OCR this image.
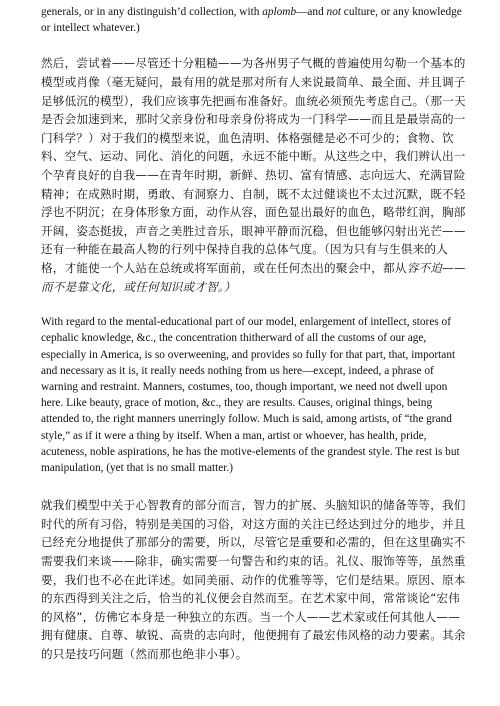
generals, or in any distinguish’d collection, with aplomb—and not culture, or any knowledge or intellect whatever.)

然后，尝试着——尽管还十分粗糙——为各州男子气概的普遍使用勾勒一个基本的模型或肖像（毫无疑问，最有用的就是那对所有人来说最简单、最全面、并且调子足够低沉的模型），我们应该事先把画布准备好。血统必须预先考虑自己。（那一天是否会加速到来，那时父亲身份和母亲身份将成为一门科学——而且是最崇高的一门科学？）对于我们的模型来说，血色清明、体格强健是必不可少的；食物、饮料、空气、运动、同化、消化的问题，永远不能中断。从这些之中，我们辨认出一个孕育良好的自我——在青年时期，新鲜、热切、富有情感、志向远大、充满冒险精神；在成熟时期，勇敢、有洞察力、自制，既不太过健谈也不太过沉默，既不轻浮也不阴沉；在身体形象方面，动作从容，面色显出最好的血色，略带红润，胸部开阔，姿态挺拔，声音之美胜过音乐，眼神平静而沉稳，但也能够闪射出光芒——还有一种能在最高人物的行列中保持自我的总体气度。（因为只有与生俱来的人格，才能使一个人站在总统或将军面前，或在任何杰出的聚会中，都从容不迫——而不是靠文化，或任何知识或才智。）

With regard to the mental-educational part of our model, enlargement of intellect, stores of cephalic knowledge, &c., the concentration thitherward of all the customs of our age, especially in America, is so overweening, and provides so fully for that part, that, important and necessary as it is, it really needs nothing from us here—except, indeed, a phrase of warning and restraint. Manners, costumes, too, though important, we need not dwell upon here. Like beauty, grace of motion, &c., they are results. Causes, original things, being attended to, the right manners unerringly follow. Much is said, among artists, of “the grand style,” as if it were a thing by itself. When a man, artist or whoever, has health, pride, acuteness, noble aspirations, he has the motive-elements of the grandest style. The rest is but manipulation, (yet that is no small matter.)

就我们模型中关于心智教育的部分而言，智力的扩展、头脑知识的储备等等，我们时代的所有习俗，特别是美国的习俗，对这方面的关注已经达到过分的地步，并且已经充分地提供了那部分的需要，所以，尽管它是重要和必需的，但在这里确实不需要我们来谈——除非，确实需要一句警告和约束的话。礼仪、服饰等等，虽然重要，我们也不必在此详述。如同美丽、动作的优雅等等，它们是结果。原因、原本的东西得到关注之后，恰当的礼仪便会自然而至。在艺术家中间，常常谈论“宏伟的风格”，仿佛它本身是一种独立的东西。当一个人——艺术家或任何其他人——拥有健康、自尊、敏锐、高贵的志向时，他便拥有了最宏伟风格的动力要素。其余的只是技巧问题（然而那也绝非小事）。
